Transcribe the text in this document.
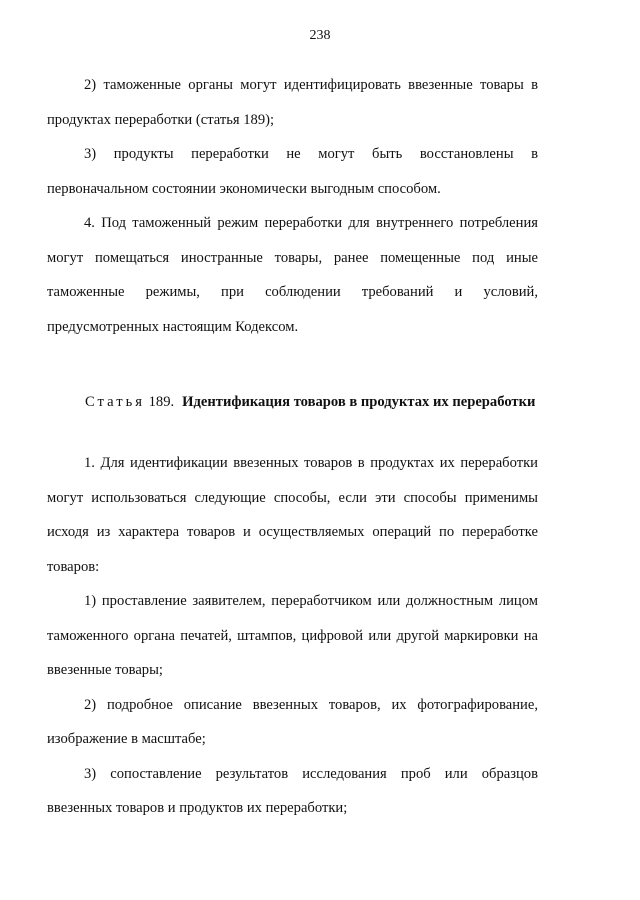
238

2) таможенные органы могут идентифицировать ввезенные товары в продуктах переработки (статья 189);

3) продукты переработки не могут быть восстановлены в первоначальном состоянии экономически выгодным способом.

4. Под таможенный режим переработки для внутреннего потребления могут помещаться иностранные товары, ранее помещенные под иные таможенные режимы, при соблюдении требований и условий, предусмотренных настоящим Кодексом.

Статья 189. Идентификация товаров в продуктах их переработки

1. Для идентификации ввезенных товаров в продуктах их переработки могут использоваться следующие способы, если эти способы применимы исходя из характера товаров и осуществляемых операций по переработке товаров:

1) проставление заявителем, переработчиком или должностным лицом таможенного органа печатей, штампов, цифровой или другой маркировки на ввезенные товары;

2) подробное описание ввезенных товаров, их фотографирование, изображение в масштабе;

3) сопоставление результатов исследования проб или образцов ввезенных товаров и продуктов их переработки;
